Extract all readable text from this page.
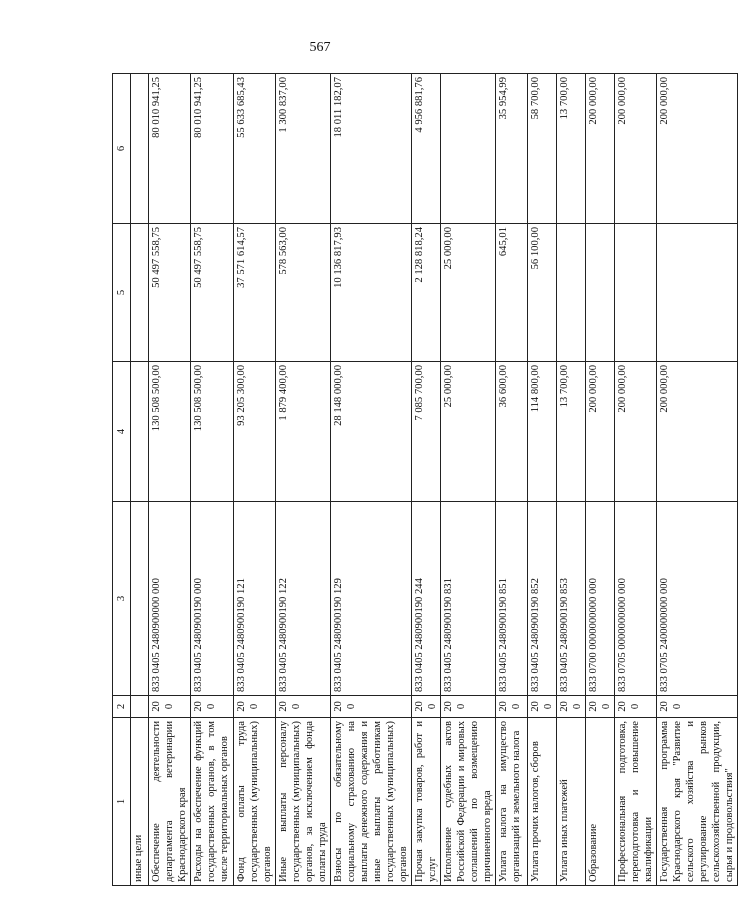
567
1	2	3	4	5	6
иные цели					
Обеспечение деятельности департамента ветеринарии Краснодарского края	200	833 0405 2480900000 000	130 508 500,00	50 497 558,75	80 010 941,25
Расходы на обеспечение функций государственных органов, в том числе территориальных органов	200	833 0405 2480900190 000	130 508 500,00	50 497 558,75	80 010 941,25
Фонд оплаты труда государственных (муниципальных) органов	200	833 0405 2480900190 121	93 205 300,00	37 571 614,57	55 633 685,43
Иные выплаты персоналу государственных (муниципальных) органов, за исключением фонда оплаты труда	200	833 0405 2480900190 122	1 879 400,00	578 563,00	1 300 837,00
Взносы по обязательному социальному страхованию на выплаты денежного содержания и иные выплаты работникам государственных (муниципальных) органов	200	833 0405 2480900190 129	28 148 000,00	10 136 817,93	18 011 182,07
Прочая закупка товаров, работ и услуг	200	833 0405 2480900190 244	7 085 700,00	2 128 818,24	4 956 881,76
Исполнение судебных актов Российской Федерации и мировых соглашений по возмещению причиненного вреда	200	833 0405 2480900190 831	25 000,00	25 000,00	
Уплата налога на имущество организаций и земельного налога	200	833 0405 2480900190 851	36 600,00	645,01	35 954,99
Уплата прочих налогов, сборов	200	833 0405 2480900190 852	114 800,00	56 100,00	58 700,00
Уплата иных платежей	200	833 0405 2480900190 853	13 700,00		13 700,00
Образование	200	833 0700 0000000000 000	200 000,00		200 000,00
Профессиональная подготовка, переподготовка и повышение квалификации	200	833 0705 0000000000 000	200 000,00		200 000,00
Государственная программа Краснодарского края "Развитие сельского хозяйства и регулирование рынков сельскохозяйственной продукции, сырья и продовольствия"	200	833 0705 2400000000 000	200 000,00		200 000,00
